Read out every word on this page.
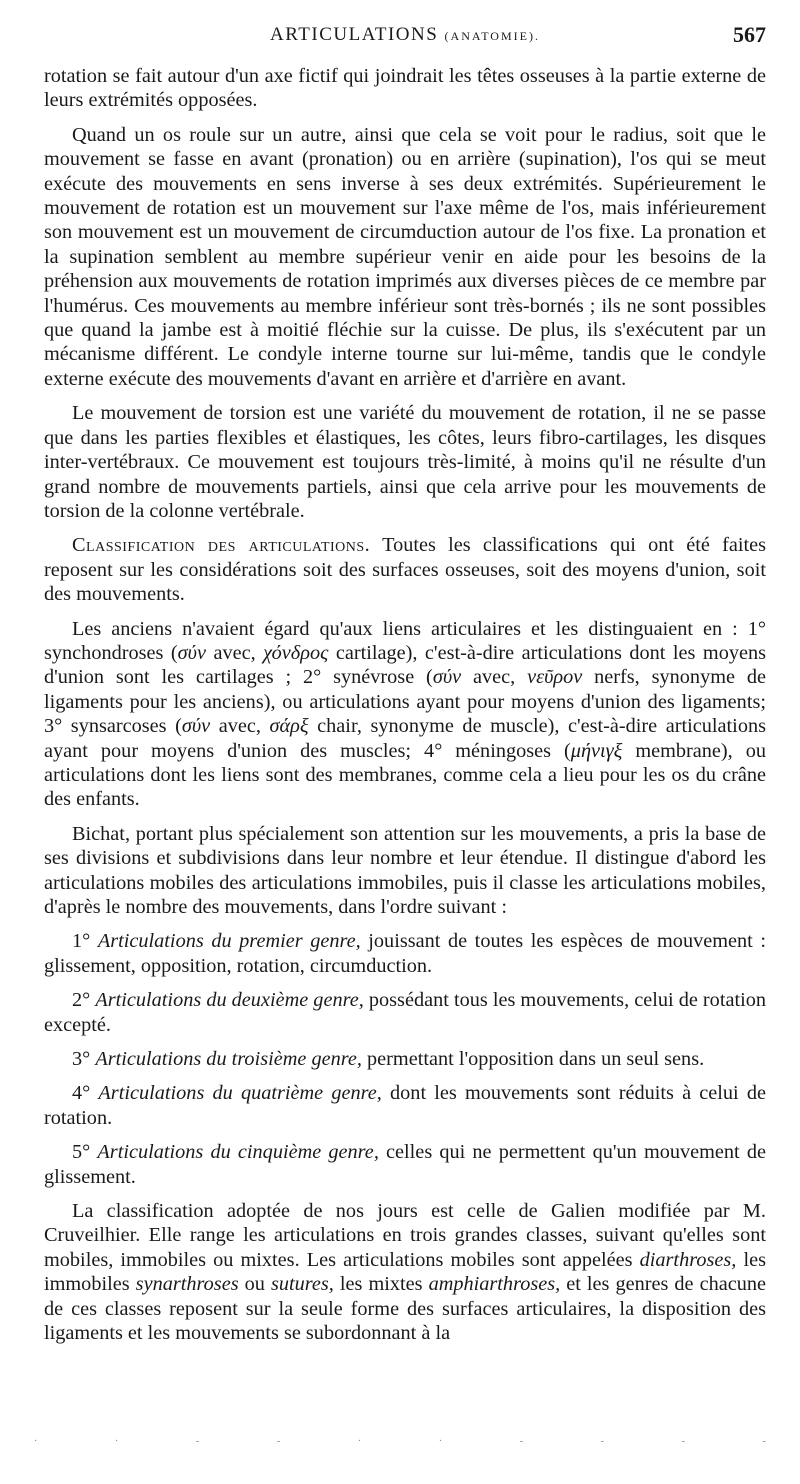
ARTICULATIONS (ANATOMIE).	567

rotation se fait autour d'un axe fictif qui joindrait les têtes osseuses à la partie externe de leurs extrémités opposées.

Quand un os roule sur un autre, ainsi que cela se voit pour le radius, soit que le mouvement se fasse en avant (pronation) ou en arrière (supination), l'os qui se meut exécute des mouvements en sens inverse à ses deux extrémités. Supérieurement le mouvement de rotation est un mouvement sur l'axe même de l'os, mais inférieurement son mouvement est un mouvement de circumduction autour de l'os fixe. La pronation et la supination semblent au membre supérieur venir en aide pour les besoins de la préhension aux mouvements de rotation imprimés aux diverses pièces de ce membre par l'humérus. Ces mouvements au membre inférieur sont très-bornés ; ils ne sont possibles que quand la jambe est à moitié fléchie sur la cuisse. De plus, ils s'exécutent par un mécanisme différent. Le condyle interne tourne sur lui-même, tandis que le condyle externe exécute des mouvements d'avant en arrière et d'arrière en avant.

Le mouvement de torsion est une variété du mouvement de rotation, il ne se passe que dans les parties flexibles et élastiques, les côtes, leurs fibro-cartilages, les disques inter-vertébraux. Ce mouvement est toujours très-limité, à moins qu'il ne résulte d'un grand nombre de mouvements partiels, ainsi que cela arrive pour les mouvements de torsion de la colonne vertébrale.

Classification des articulations. Toutes les classifications qui ont été faites reposent sur les considérations soit des surfaces osseuses, soit des moyens d'union, soit des mouvements.

Les anciens n'avaient égard qu'aux liens articulaires et les distinguaient en : 1° synchondroses (σύν avec, χόνδρος cartilage), c'est-à-dire articulations dont les moyens d'union sont les cartilages ; 2° synévrose (σύν avec, νεῦρον nerfs, synonyme de ligaments pour les anciens), ou articulations ayant pour moyens d'union des ligaments; 3° synsarcoses (σύν avec, σάρξ chair, synonyme de muscle), c'est-à-dire articulations ayant pour moyens d'union des muscles; 4° méningoses (μήνιγξ membrane), ou articulations dont les liens sont des membranes, comme cela a lieu pour les os du crâne des enfants.

Bichat, portant plus spécialement son attention sur les mouvements, a pris la base de ses divisions et subdivisions dans leur nombre et leur étendue. Il distingue d'abord les articulations mobiles des articulations immobiles, puis il classe les articulations mobiles, d'après le nombre des mouvements, dans l'ordre suivant :

1° Articulations du premier genre, jouissant de toutes les espèces de mouvement : glissement, opposition, rotation, circumduction.

2° Articulations du deuxième genre, possédant tous les mouvements, celui de rotation excepté.

3° Articulations du troisième genre, permettant l'opposition dans un seul sens.

4° Articulations du quatrième genre, dont les mouvements sont réduits à celui de rotation.

5° Articulations du cinquième genre, celles qui ne permettent qu'un mouvement de glissement.

La classification adoptée de nos jours est celle de Galien modifiée par M. Cruveilhier. Elle range les articulations en trois grandes classes, suivant qu'elles sont mobiles, immobiles ou mixtes. Les articulations mobiles sont appelées diarthroses, les immobiles synarthroses ou sutures, les mixtes amphiarthroses, et les genres de chacune de ces classes reposent sur la seule forme des surfaces articulaires, la disposition des ligaments et les mouvements se subordonnant à la

·	·	-	-	·	·	-	-	-	-
